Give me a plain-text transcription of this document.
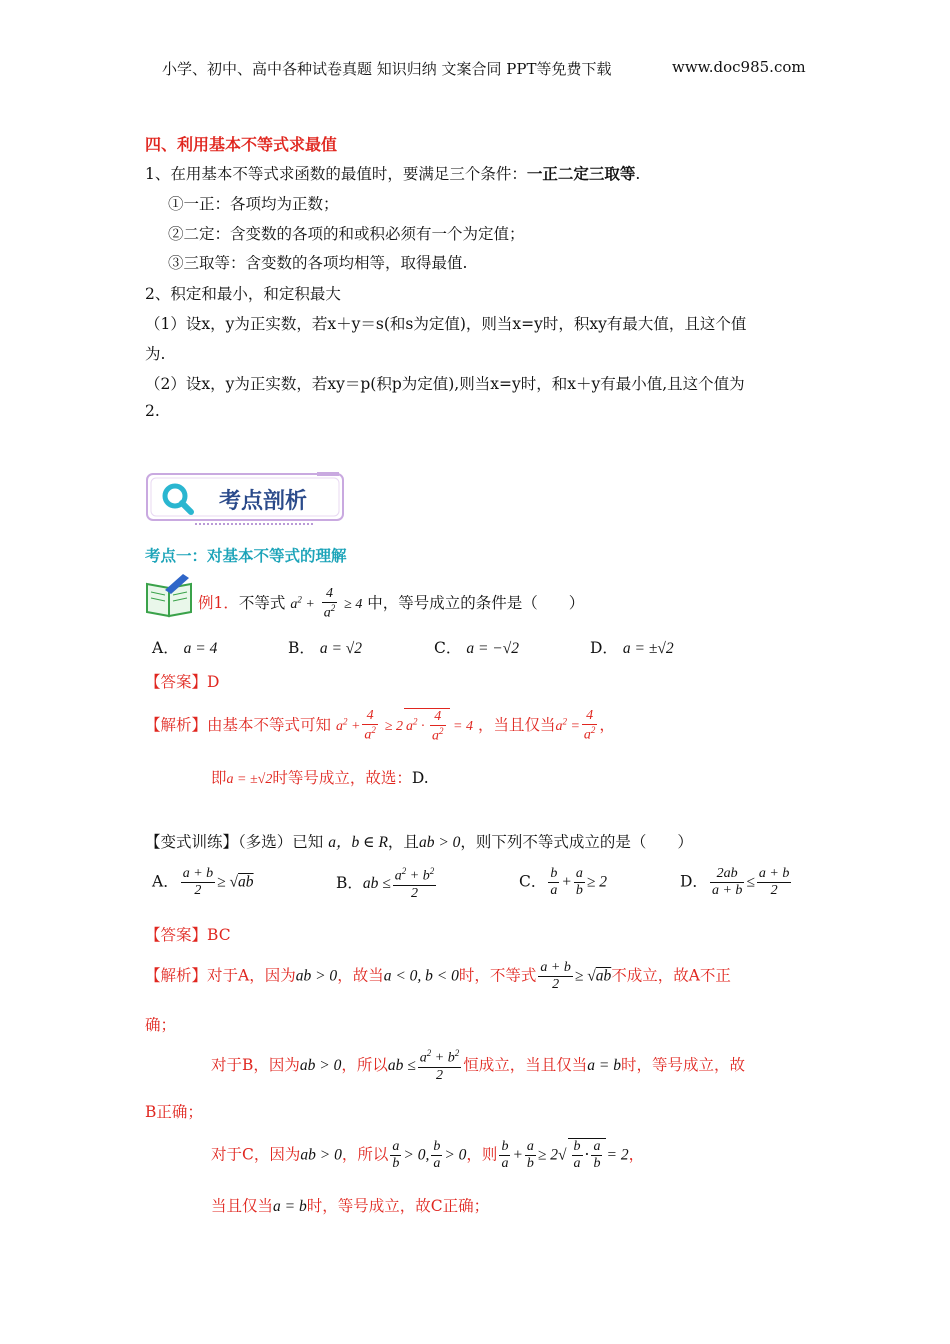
小学、初中、高中各种试卷真题 知识归纳 文案合同 PPT等免费下载	www.doc985.com
四、利用基本不等式求最值
1、在用基本不等式求函数的最值时，要满足三个条件：一正二定三取等.
①一正：各项均为正数；
②二定：含变数的各项的和或积必须有一个为定值；
③三取等：含变数的各项均相等，取得最值.
2、积定和最小，和定积最大
（1）设x，y为正实数，若x＋y＝s(和s为定值)，则当x=y时，积xy有最大值，且这个值
为.
（2）设x，y为正实数，若xy＝p(积p为定值),则当x=y时，和x＋y有最小值,且这个值为
2.
考点剖析
考点一：对基本不等式的理解
例1．不等式 $a^2 + \frac{4}{a^2} \ge 4$ 中，等号成立的条件是（　　）
A． a = 4	B． a = √2	C． a = −√2	D． a = ±√2
【答案】D
【解析】由基本不等式可知 $a^2 + \frac{4}{a^2} \ge 2$ $a^2 \cdot \frac{4}{a^2} = 4$ ，当且仅当$a^2 = \frac{4}{a^2}$ ，
即a = ±√2时等号成立，故选：D.
【变式训练】（多选）已知 a，b ∈ R，且ab > 0，则下列不等式成立的是（　　）
A． $\frac{a + b}{2} \ge √ab$	B．ab ≤ $\frac{a^2 + b^2}{2}$	C． $\frac{b}{a} + \frac{a}{b} \ge 2$	D． $\frac{2ab}{a + b} \le \frac{a + b}{2}$
【答案】BC
【解析】对于A，因为ab > 0，故当a < 0, b < 0时，不等式 $\frac{a + b}{2} \ge √ab$不成立，故A不正
确；
对于B，因为ab > 0，所以ab ≤ $\frac{a^2 + b^2}{2}$ 恒成立，当且仅当a = b时，等号成立，故
B正确；
对于C，因为ab > 0，所以 $\frac{a}{b} > 0$, $\frac{b}{a} > 0$，则 $\frac{b}{a} + \frac{a}{b} \ge 2√ \frac{b}{a} \cdot \frac{a}{b} = 2$，
当且仅当a = b时，等号成立，故C正确；
